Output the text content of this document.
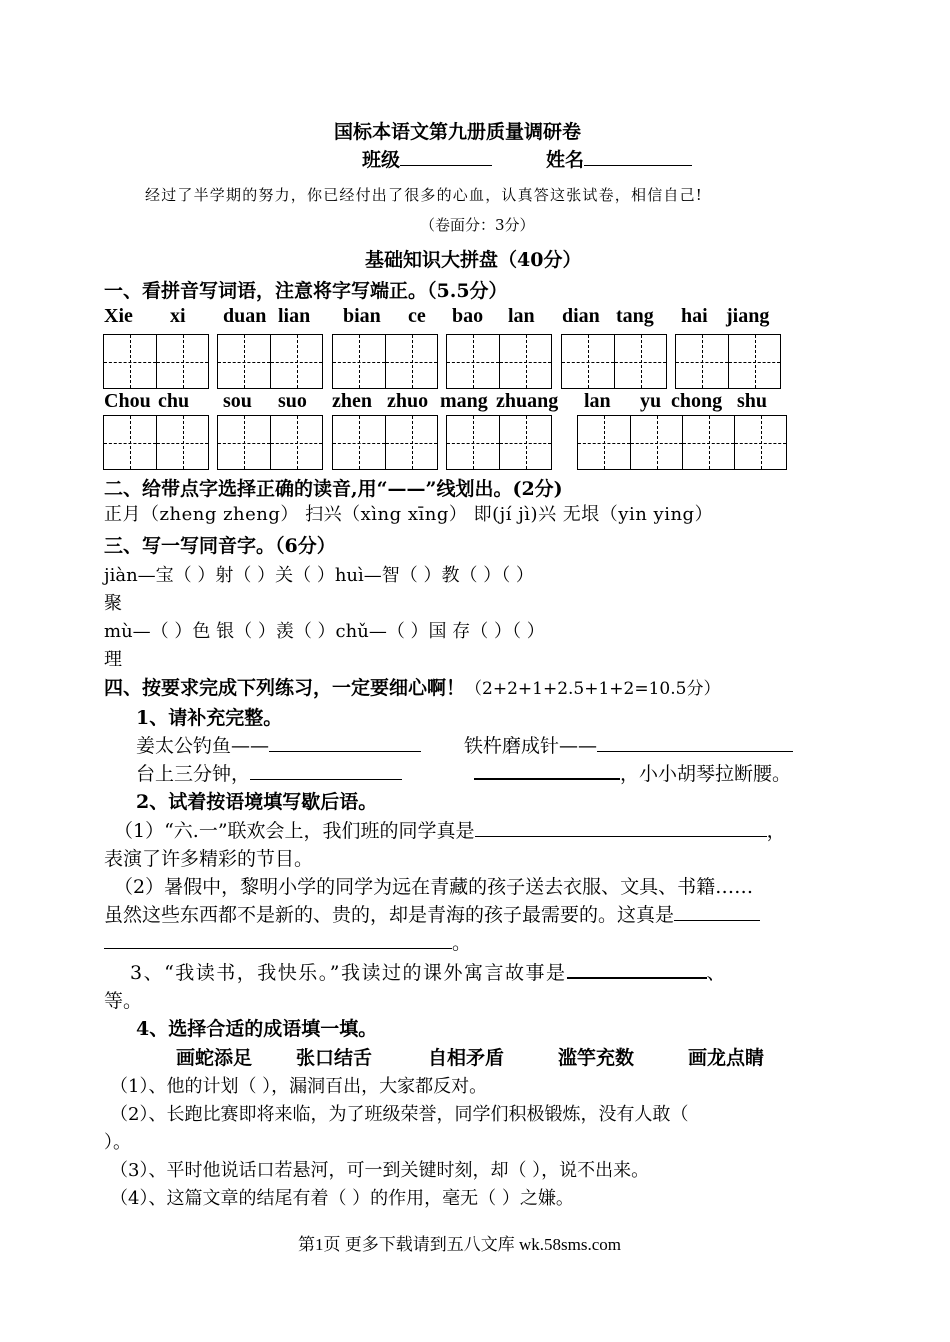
国标本语文第九册质量调研卷
班级	姓名
经过了半学期的努力，你已经付出了很多的心血，认真答这张试卷，相信自己!
（卷面分：3分）
基础知识大拼盘（40分）
一、看拼音写词语，注意将字写端正。（5.5分）
Xie xi duan lian bian ce bao lan dian tang hai jiang
Chou chu sou suo zhen zhuo mang zhuang lan yu chong shu
二、给带点字选择正确的读音,用“——”线划出。(2分)
正月（zheng zheng） 扫兴（xìng xīng） 即(jí jì)兴 无垠（yin ying）
三、写一写同音字。（6分）
jiàn—宝（ ）射（ ）关（ ）huì—智（ ）教（ ）（ ）
聚
mù—（ ）色 银（ ）羡（ ）chǔ—（ ）国 存（ ）（ ）
理
四、按要求完成下列练习，一定要细心啊！（2+2+1+2.5+1+2=10.5分）
1、请补充完整。
姜太公钓鱼——	铁杵磨成针——
台上三分钟，	，小小胡琴拉断腰。
2、试着按语境填写歇后语。
（1）“六.一”联欢会上，我们班的同学真是	，
表演了许多精彩的节目。
（2）暑假中，黎明小学的同学为远在青藏的孩子送去衣服、文具、书籍……
虽然这些东西都不是新的、贵的，却是青海的孩子最需要的。这真是
。
3、“我读书，我快乐。”我读过的课外寓言故事是	、
等。
4、选择合适的成语填一填。
画蛇添足 张口结舌	自相矛盾	滥竽充数	画龙点睛
（1）、他的计划（ ），漏洞百出，大家都反对。
（2）、长跑比赛即将来临，为了班级荣誉，同学们积极锻炼，没有人敢（
）。
（3）、平时他说话口若悬河，可一到关键时刻，却（ ），说不出来。
（4）、这篇文章的结尾有着（ ）的作用，毫无（ ）之嫌。
第1页 更多下载请到五八文库 wk.58sms.com
